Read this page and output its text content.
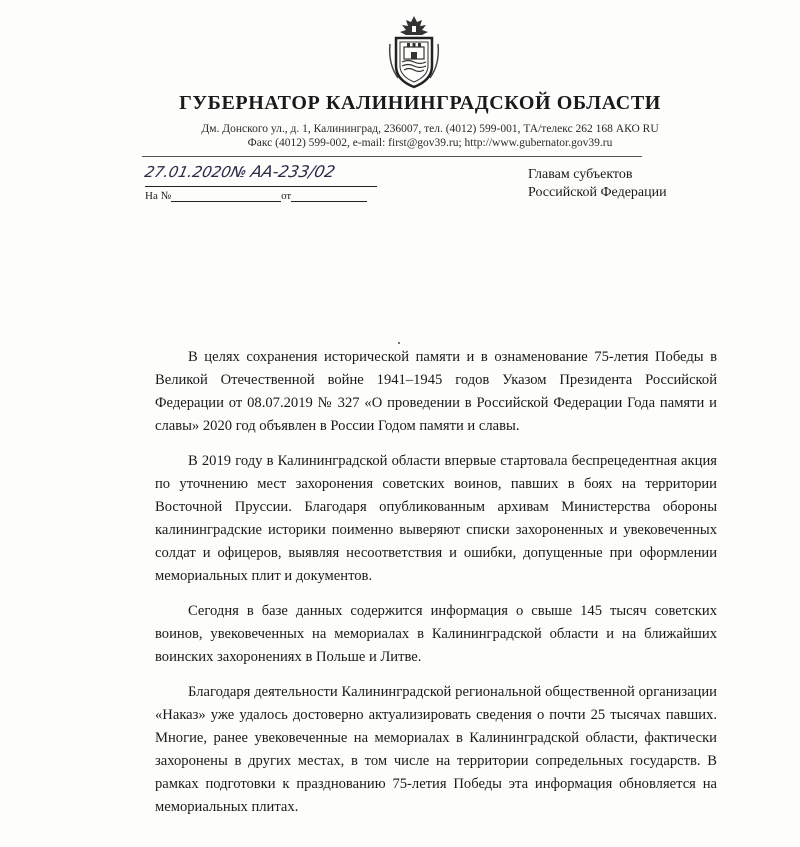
ГУБЕРНАТОР КАЛИНИНГРАДСКОЙ ОБЛАСТИ
Дм. Донского ул., д. 1, Калининград, 236007, тел. (4012) 599-001, ТА/телекс 262 168 АКО RU
Факс (4012) 599-002, e-mail: first@gov39.ru; http://www.gubernator.gov39.ru
27.01.2020№АА-233/02
На №	от
Главам субъектов
Российской Федерации

В целях сохранения исторической памяти и в ознаменование 75-летия Победы в Великой Отечественной войне 1941–1945 годов Указом Президента Российской Федерации от 08.07.2019 № 327 «О проведении в Российской Федерации Года памяти и славы» 2020 год объявлен в России Годом памяти и славы.

В 2019 году в Калининградской области впервые стартовала беспрецедентная акция по уточнению мест захоронения советских воинов, павших в боях на территории Восточной Пруссии. Благодаря опубликованным архивам Министерства обороны калининградские историки поименно выверяют списки захороненных и увековеченных солдат и офицеров, выявляя несоответствия и ошибки, допущенные при оформлении мемориальных плит и документов.

Сегодня в базе данных содержится информация о свыше 145 тысяч советских воинов, увековеченных на мемориалах в Калининградской области и на ближайших воинских захоронениях в Польше и Литве.

Благодаря деятельности Калининградской региональной общественной организации «Наказ» уже удалось достоверно актуализировать сведения о почти 25 тысячах павших. Многие, ранее увековеченные на мемориалах в Калининградской области, фактически захоронены в других местах, в том числе на территории сопредельных государств. В рамках подготовки к празднованию 75-летия Победы эта информация обновляется на мемориальных плитах.
